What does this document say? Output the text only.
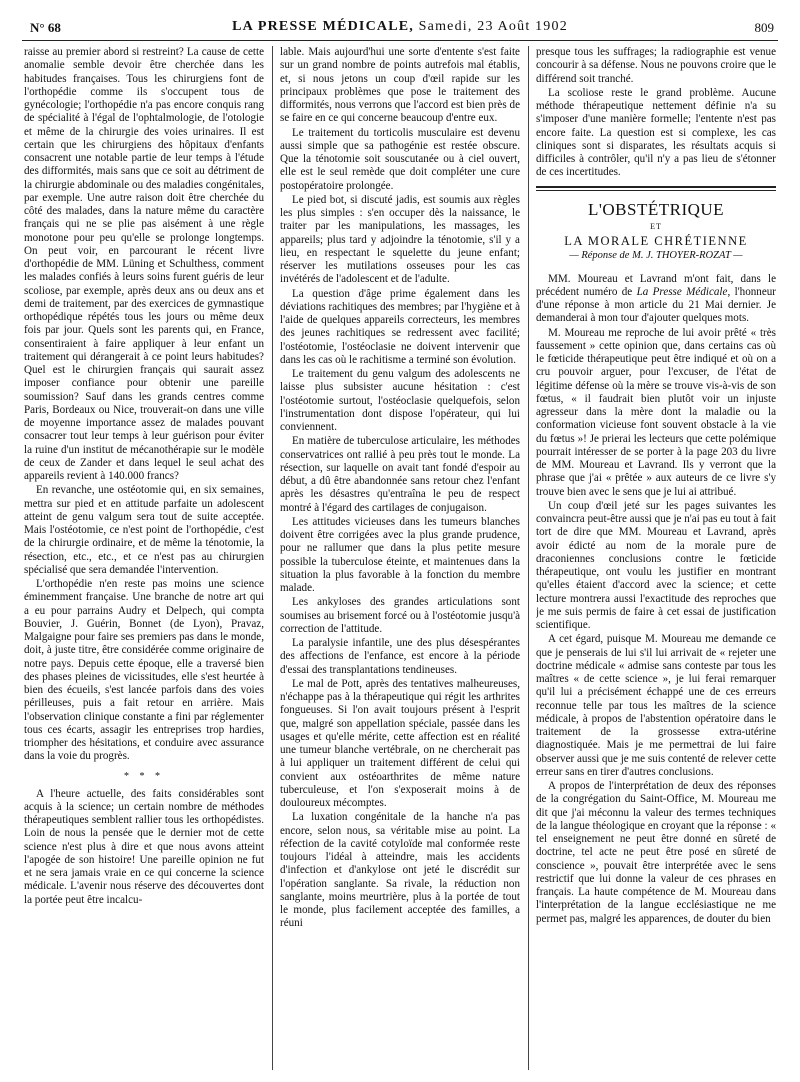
N° 68	LA PRESSE MÉDICALE, Samedi, 23 Août 1902	809

raisse au premier abord si restreint? La cause de cette anomalie semble devoir être cherchée dans les habitudes françaises. Tous les chirurgiens font de l'orthopédie comme ils s'occupent tous de gynécologie; l'orthopédie n'a pas encore conquis rang de spécialité à l'égal de l'ophtalmologie, de l'otologie et même de la chirurgie des voies urinaires. Il est certain que les chirurgiens des hôpitaux d'enfants consacrent une notable partie de leur temps à l'étude des difformités, mais sans que ce soit au détriment de la chirurgie abdominale ou des maladies congénitales, par exemple. Une autre raison doit être cherchée du côté des malades, dans la nature même du caractère français qui ne se plie pas aisément à une règle monotone pour peu qu'elle se prolonge longtemps. On peut voir, en parcourant le récent livre d'orthopédie de MM. Lüning et Schulthess, comment les malades confiés à leurs soins furent guéris de leur scoliose, par exemple, après deux ans ou deux ans et demi de traitement, par des exercices de gymnastique orthopédique répétés tous les jours ou même deux fois par jour. Quels sont les parents qui, en France, consentiraient à faire appliquer à leur enfant un traitement qui dérangerait à ce point leurs habitudes? Quel est le chirurgien français qui saurait assez imposer confiance pour obtenir une pareille soumission? Sauf dans les grands centres comme Paris, Bordeaux ou Nice, trouverait-on dans une ville de moyenne importance assez de malades pouvant consacrer tout leur temps à leur guérison pour éviter la ruine d'un institut de mécanothérapie sur le modèle de ceux de Zander et dans lequel le seul achat des appareils revient à 140.000 francs?

En revanche, une ostéotomie qui, en six semaines, mettra sur pied et en attitude parfaite un adolescent atteint de genu valgum sera tout de suite acceptée. Mais l'ostéotomie, ce n'est point de l'orthopédie, c'est de la chirurgie ordinaire, et de même la ténotomie, la résection, etc., etc., et ce n'est pas au chirurgien spécialisé que sera demandée l'intervention.

L'orthopédie n'en reste pas moins une science éminemment française. Une branche de notre art qui a eu pour parrains Audry et Delpech, qui compta Bouvier, J. Guérin, Bonnet (de Lyon), Pravaz, Malgaigne pour faire ses premiers pas dans le monde, doit, à juste titre, être considérée comme originaire de notre pays. Depuis cette époque, elle a traversé bien des phases pleines de vicissitudes, elle s'est heurtée à bien des écueils, s'est lancée parfois dans des voies périlleuses, puis a fait retour en arrière. Mais l'observation clinique constante a fini par réglementer tous ces écarts, assagir les entreprises trop hardies, triompher des hésitations, et conduire avec assurance dans la voie du progrès.

* * *

A l'heure actuelle, des faits considérables sont acquis à la science; un certain nombre de méthodes thérapeutiques semblent rallier tous les orthopédistes. Loin de nous la pensée que le dernier mot de cette science n'est plus à dire et que nous avons atteint l'apogée de son histoire! Une pareille opinion ne fut et ne sera jamais vraie en ce qui concerne la science médicale. L'avenir nous réserve des découvertes dont la portée peut être incalcu-

lable. Mais aujourd'hui une sorte d'entente s'est faite sur un grand nombre de points autrefois mal établis, et, si nous jetons un coup d'œil rapide sur les principaux problèmes que pose le traitement des difformités, nous verrons que l'accord est bien près de se faire en ce qui concerne beaucoup d'entre eux.

Le traitement du torticolis musculaire est devenu aussi simple que sa pathogénie est restée obscure. Que la ténotomie soit souscutanée ou à ciel ouvert, elle est le seul remède que doit compléter une cure postopératoire prolongée.

Le pied bot, si discuté jadis, est soumis aux règles les plus simples : s'en occuper dès la naissance, le traiter par les manipulations, les massages, les appareils; plus tard y adjoindre la ténotomie, s'il y a lieu, en respectant le squelette du jeune enfant; réserver les mutilations osseuses pour les cas invétérés de l'adolescent et de l'adulte.

La question d'âge prime également dans les déviations rachitiques des membres; par l'hygiène et à l'aide de quelques appareils correcteurs, les membres des jeunes rachitiques se redressent avec facilité; l'ostéotomie, l'ostéoclasie ne doivent intervenir que dans les cas où le rachitisme a terminé son évolution.

Le traitement du genu valgum des adolescents ne laisse plus subsister aucune hésitation : c'est l'ostéotomie surtout, l'ostéoclasie quelquefois, selon l'instrumentation dont dispose l'opérateur, qui lui conviennent.

En matière de tuberculose articulaire, les méthodes conservatrices ont rallié à peu près tout le monde. La résection, sur laquelle on avait tant fondé d'espoir au début, a dû être abandonnée sans retour chez l'enfant après les désastres qu'entraîna le peu de respect montré à l'égard des cartilages de conjugaison.

Les attitudes vicieuses dans les tumeurs blanches doivent être corrigées avec la plus grande prudence, pour ne rallumer que dans la plus petite mesure possible la tuberculose éteinte, et maintenues dans la situation la plus favorable à la fonction du membre malade.

Les ankyloses des grandes articulations sont soumises au brisement forcé ou à l'ostéotomie jusqu'à correction de l'attitude.

La paralysie infantile, une des plus désespérantes des affections de l'enfance, est encore à la période d'essai des transplantations tendineuses.

Le mal de Pott, après des tentatives malheureuses, n'échappe pas à la thérapeutique qui régit les arthrites fongueuses. Si l'on avait toujours présent à l'esprit que, malgré son appellation spéciale, passée dans les usages et qu'elle mérite, cette affection est en réalité une tumeur blanche vertébrale, on ne chercherait pas à lui appliquer un traitement différent de celui qui convient aux ostéoarthrites de même nature tuberculeuse, et l'on s'exposerait moins à de douloureux mécomptes.

La luxation congénitale de la hanche n'a pas encore, selon nous, sa véritable mise au point. La réfection de la cavité cotyloïde mal conformée reste toujours l'idéal à atteindre, mais les accidents d'infection et d'ankylose ont jeté le discrédit sur l'opération sanglante. Sa rivale, la réduction non sanglante, moins meurtrière, plus à la portée de tout le monde, plus facilement acceptée des familles, a réuni

presque tous les suffrages; la radiographie est venue concourir à sa défense. Nous ne pouvons croire que le différend soit tranché.

La scoliose reste le grand problème. Aucune méthode thérapeutique nettement définie n'a su s'imposer d'une manière formelle; l'entente n'est pas encore faite. La question est si complexe, les cas cliniques sont si disparates, les résultats acquis si difficiles à contrôler, qu'il n'y a pas lieu de s'étonner de ces incertitudes.

L'OBSTÉTRIQUE
ET
LA MORALE CHRÉTIENNE
— Réponse de M. J. THOYER-ROZAT —

MM. Moureau et Lavrand m'ont fait, dans le précédent numéro de La Presse Médicale, l'honneur d'une réponse à mon article du 21 Mai dernier. Je demanderai à mon tour d'ajouter quelques mots.

M. Moureau me reproche de lui avoir prêté « très faussement » cette opinion que, dans certains cas où le fœticide thérapeutique peut être indiqué et où on a cru pouvoir arguer, pour l'excuser, de l'état de légitime défense où la mère se trouve vis-à-vis de son fœtus, « il faudrait bien plutôt voir un injuste agresseur dans la mère dont la maladie ou la conformation vicieuse font souvent obstacle à la vie du fœtus »! Je prierai les lecteurs que cette polémique pourrait intéresser de se porter à la page 203 du livre de MM. Moureau et Lavrand. Ils y verront que la phrase que j'ai « prêtée » aux auteurs de ce livre s'y trouve bien avec le sens que je lui ai attribué.

Un coup d'œil jeté sur les pages suivantes les convaincra peut-être aussi que je n'ai pas eu tout à fait tort de dire que MM. Moureau et Lavrand, après avoir édicté au nom de la morale pure de draconiennes conclusions contre le fœticide thérapeutique, ont voulu les justifier en montrant qu'elles étaient d'accord avec la science; et cette lecture montrera aussi l'exactitude des reproches que je me suis permis de faire à cet essai de justification scientifique.

A cet égard, puisque M. Moureau me demande ce que je penserais de lui s'il lui arrivait de « rejeter une doctrine médicale « admise sans conteste par tous les maîtres « de cette science », je lui ferai remarquer qu'il lui a précisément échappé une de ces erreurs reconnue telle par tous les maîtres de la science médicale, à propos de l'abstention opératoire dans le traitement de la grossesse extra-utérine diagnostiquée. Mais je me permettrai de lui faire observer aussi que je me suis contenté de relever cette erreur sans en tirer d'autres conclusions.

A propos de l'interprétation de deux des réponses de la congrégation du Saint-Office, M. Moureau me dit que j'ai méconnu la valeur des termes techniques de la langue théologique en croyant que la réponse : « tel enseignement ne peut être donné en sûreté de doctrine, tel acte ne peut être posé en sûreté de conscience », pouvait être interprétée avec le sens restrictif que lui donne la valeur de ces phrases en français. La haute compétence de M. Moureau dans l'interprétation de la langue ecclésiastique ne me permet pas, malgré les apparences, de douter du bien
